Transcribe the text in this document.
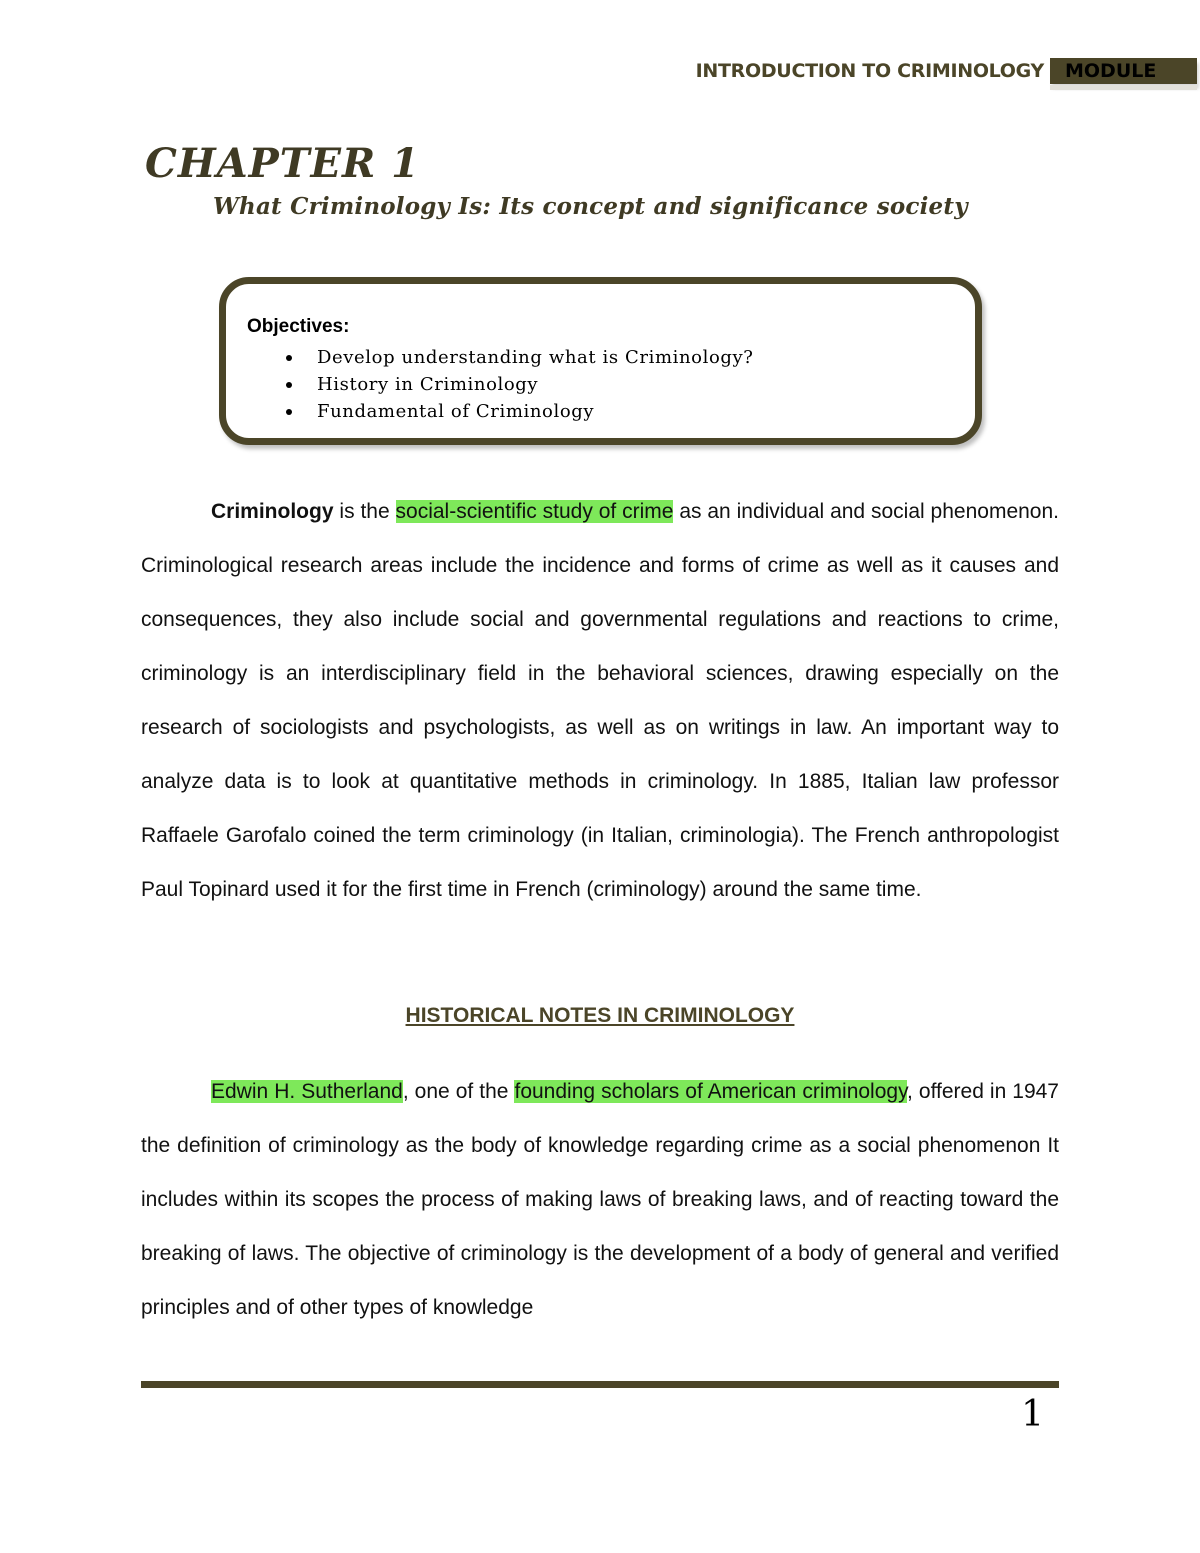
INTRODUCTION TO CRIMINOLOGY	MODULE
CHAPTER 1
What Criminology Is: Its concept and significance society
Objectives:
Develop understanding what is Criminology?
History in Criminology
Fundamental of Criminology
Criminology is the social-scientific study of crime as an individual and social phenomenon. Criminological research areas include the incidence and forms of crime as well as it causes and consequences, they also include social and governmental regulations and reactions to crime, criminology is an interdisciplinary field in the behavioral sciences, drawing especially on the research of sociologists and psychologists, as well as on writings in law. An important way to analyze data is to look at quantitative methods in criminology. In 1885, Italian law professor Raffaele Garofalo coined the term criminology (in Italian, criminologia). The French anthropologist Paul Topinard used it for the first time in French (criminology) around the same time.
HISTORICAL NOTES IN CRIMINOLOGY
Edwin H. Sutherland, one of the founding scholars of American criminology, offered in 1947 the definition of criminology as the body of knowledge regarding crime as a social phenomenon It includes within its scopes the process of making laws of breaking laws, and of reacting toward the breaking of laws. The objective of criminology is the development of a body of general and verified principles and of other types of knowledge
1
